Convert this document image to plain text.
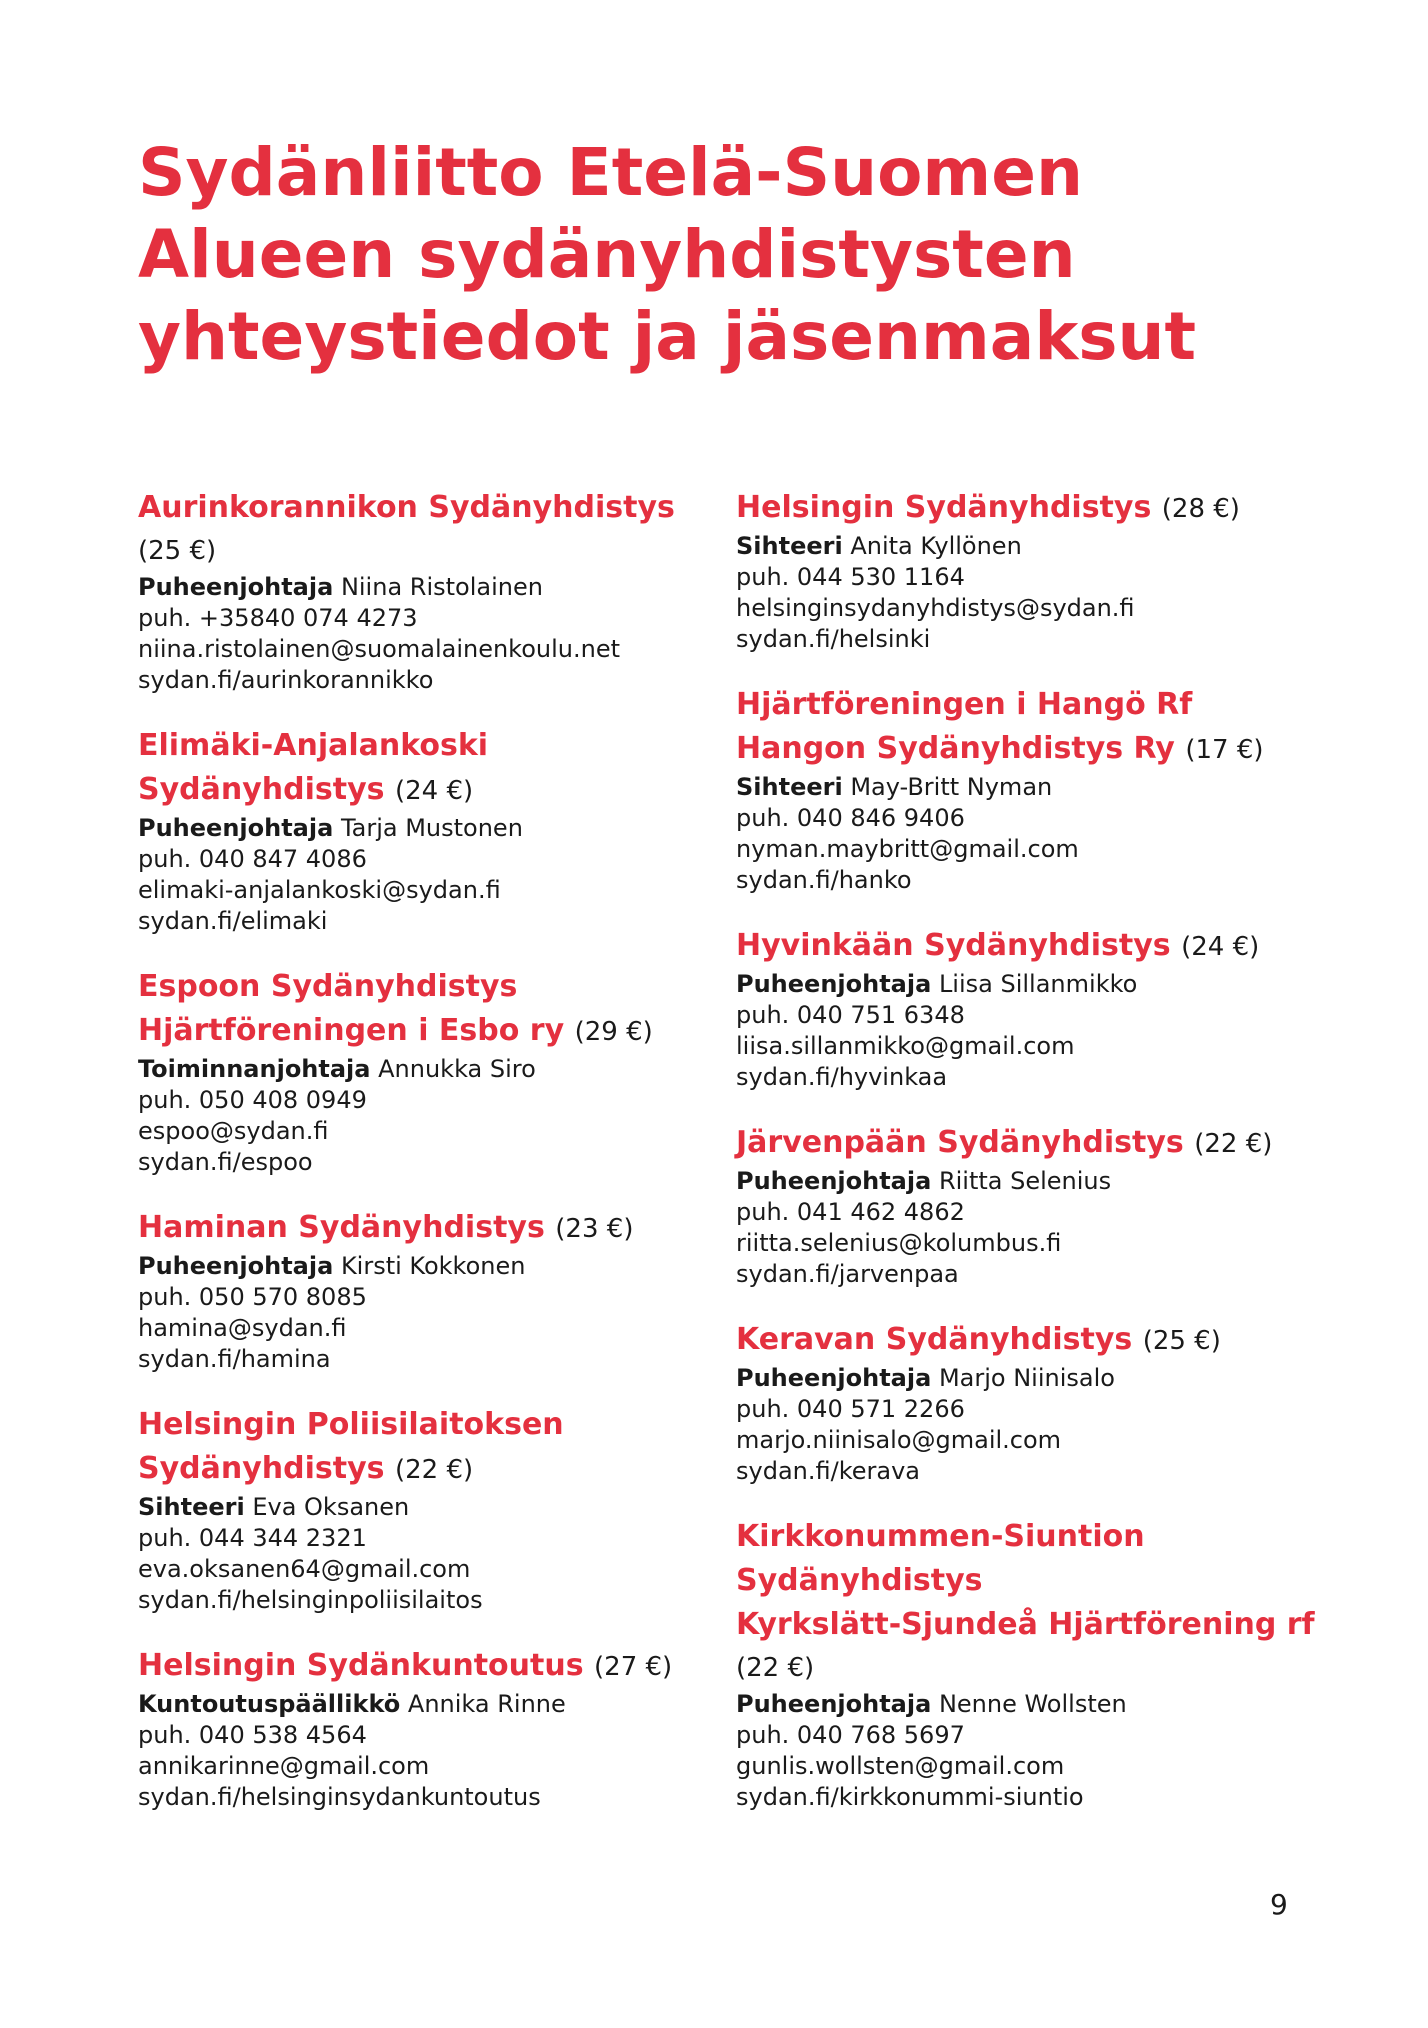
Sydänliitto Etelä-Suomen
Alueen sydänyhdistysten
yhteystiedot ja jäsenmaksut
Aurinkorannikon Sydänyhdistys
(25 €)
Puheenjohtaja Niina Ristolainen
puh. +35840 074 4273
niina.ristolainen@suomalainenkoulu.net
sydan.fi/aurinkorannikko
Elimäki-Anjalankoski
Sydänyhdistys (24 €)
Puheenjohtaja Tarja Mustonen
puh. 040 847 4086
elimaki-anjalankoski@sydan.fi
sydan.fi/elimaki
Espoon Sydänyhdistys
Hjärtföreningen i Esbo ry (29 €)
Toiminnanjohtaja Annukka Siro
puh. 050 408 0949
espoo@sydan.fi
sydan.fi/espoo
Haminan Sydänyhdistys (23 €)
Puheenjohtaja Kirsti Kokkonen
puh. 050 570 8085
hamina@sydan.fi
sydan.fi/hamina
Helsingin Poliisilaitoksen
Sydänyhdistys (22 €)
Sihteeri Eva Oksanen
puh. 044 344 2321
eva.oksanen64@gmail.com
sydan.fi/helsinginpoliisilaitos
Helsingin Sydänkuntoutus (27 €)
Kuntoutuspäällikkö Annika Rinne
puh. 040 538 4564
annikarinne@gmail.com
sydan.fi/helsinginsydankuntoutus
Helsingin Sydänyhdistys (28 €)
Sihteeri Anita Kyllönen
puh. 044 530 1164
helsinginsydanyhdistys@sydan.fi
sydan.fi/helsinki
Hjärtföreningen i Hangö Rf
Hangon Sydänyhdistys Ry (17 €)
Sihteeri May-Britt Nyman
puh. 040 846 9406
nyman.maybritt@gmail.com
sydan.fi/hanko
Hyvinkään Sydänyhdistys (24 €)
Puheenjohtaja Liisa Sillanmikko
puh. 040 751 6348
liisa.sillanmikko@gmail.com
sydan.fi/hyvinkaa
Järvenpään Sydänyhdistys (22 €)
Puheenjohtaja Riitta Selenius
puh. 041 462 4862
riitta.selenius@kolumbus.fi
sydan.fi/jarvenpaa
Keravan Sydänyhdistys (25 €)
Puheenjohtaja Marjo Niinisalo
puh. 040 571 2266
marjo.niinisalo@gmail.com
sydan.fi/kerava
Kirkkonummen-Siuntion
Sydänyhdistys
Kyrkslätt-Sjundeå Hjärtförening rf
(22 €)
Puheenjohtaja Nenne Wollsten
puh. 040 768 5697
gunlis.wollsten@gmail.com
sydan.fi/kirkkonummi-siuntio
9
